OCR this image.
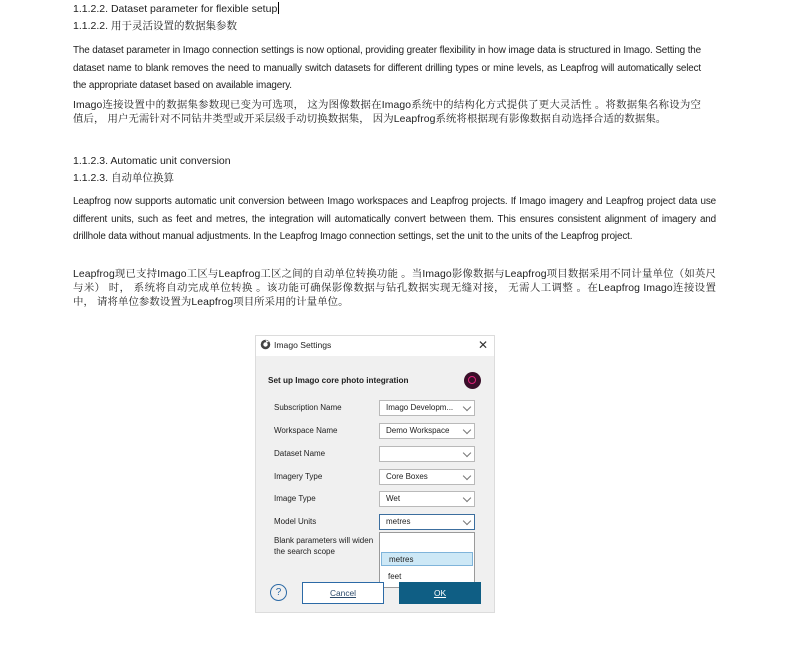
1.1.2.2. Dataset parameter for flexible setup
1.1.2.2. 用于灵活设置的数据集参数
The dataset parameter in Imago connection settings is now optional, providing greater flexibility in how image data is structured in Imago. Setting the dataset name to blank removes the need to manually switch datasets for different drilling types or mine levels, as Leapfrog will automatically select the appropriate dataset based on available imagery.
Imago连接设置中的数据集参数现已变为可选项， 这为图像数据在Imago系统中的结构化方式提供了更大灵活性 。将数据集名称设为空值后， 用户无需针对不同钻井类型或开采层级手动切换数据集， 因为Leapfrog系统将根据现有影像数据自动选择合适的数据集。
1.1.2.3. Automatic unit conversion
1.1.2.3. 自动单位换算
Leapfrog now supports automatic unit conversion between Imago workspaces and Leapfrog projects. If Imago imagery and Leapfrog project data use different units, such as feet and metres, the integration will automatically convert between them. This ensures consistent alignment of imagery and drillhole data without manual adjustments. In the Leapfrog Imago connection settings, set the unit to the units of the Leapfrog project.
Leapfrog现已支持Imago工区与Leapfrog工区之间的自动单位转换功能 。当Imago影像数据与Leapfrog项目数据采用不同计量单位（如英尺与米） 时， 系统将自动完成单位转换 。该功能可确保影像数据与钻孔数据实现无缝对接， 无需人工调整 。在Leapfrog Imago连接设置中， 请将单位参数设置为Leapfrog项目所采用的计量单位。
Imago Settings	✕
Set up Imago core photo integration
Subscription Name	Imago Developm...
Workspace Name	Demo Workspace
Dataset Name
Imagery Type	Core Boxes
Image Type	Wet
Model Units	metres
Blank parameters will widen the search scope
metres
feet
?	Cancel	OK
